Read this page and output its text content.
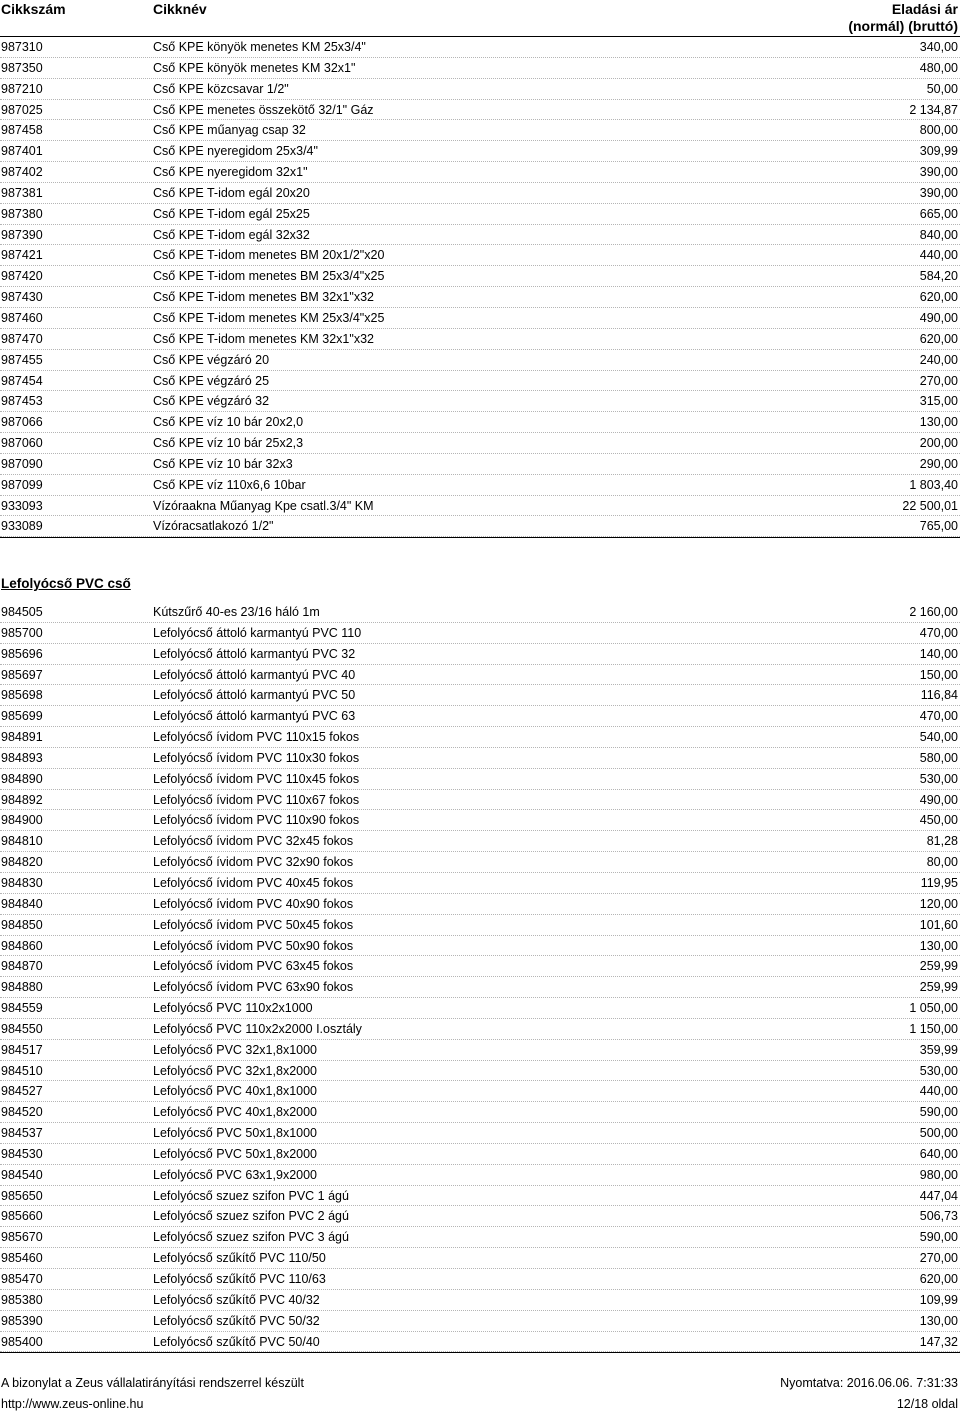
Cikkszám	Cikknév	Eladási ár
(normál) (bruttó)
987310	Cső KPE könyök menetes KM 25x3/4"	340,00
987350	Cső KPE könyök menetes KM 32x1"	480,00
987210	Cső KPE közcsavar 1/2"	50,00
987025	Cső KPE menetes összekötő 32/1" Gáz	2 134,87
987458	Cső KPE műanyag csap 32	800,00
987401	Cső KPE nyeregidom 25x3/4"	309,99
987402	Cső KPE nyeregidom 32x1"	390,00
987381	Cső KPE T-idom egál 20x20	390,00
987380	Cső KPE T-idom egál 25x25	665,00
987390	Cső KPE T-idom egál 32x32	840,00
987421	Cső KPE T-idom menetes BM 20x1/2"x20	440,00
987420	Cső KPE T-idom menetes BM 25x3/4"x25	584,20
987430	Cső KPE T-idom menetes BM 32x1"x32	620,00
987460	Cső KPE T-idom menetes KM 25x3/4"x25	490,00
987470	Cső KPE T-idom menetes KM 32x1"x32	620,00
987455	Cső KPE végzáró 20	240,00
987454	Cső KPE végzáró 25	270,00
987453	Cső KPE végzáró 32	315,00
987066	Cső KPE víz 10 bár 20x2,0	130,00
987060	Cső KPE víz 10 bár 25x2,3	200,00
987090	Cső KPE víz 10 bár 32x3	290,00
987099	Cső KPE víz 110x6,6 10bar	1 803,40
933093	Vízóraakna Műanyag Kpe csatl.3/4" KM	22 500,01
933089	Vízóracsatlakozó 1/2"	765,00
Lefolyócső PVC cső
984505	Kútszűrő 40-es 23/16 háló 1m	2 160,00
985700	Lefolyócső áttoló karmantyú PVC 110	470,00
985696	Lefolyócső áttoló karmantyú PVC 32	140,00
985697	Lefolyócső áttoló karmantyú PVC 40	150,00
985698	Lefolyócső áttoló karmantyú PVC 50	116,84
985699	Lefolyócső áttoló karmantyú PVC 63	470,00
984891	Lefolyócső ívidom PVC 110x15 fokos	540,00
984893	Lefolyócső ívidom PVC 110x30 fokos	580,00
984890	Lefolyócső ívidom PVC 110x45 fokos	530,00
984892	Lefolyócső ívidom PVC 110x67 fokos	490,00
984900	Lefolyócső ívidom PVC 110x90 fokos	450,00
984810	Lefolyócső ívidom PVC 32x45 fokos	81,28
984820	Lefolyócső ívidom PVC 32x90 fokos	80,00
984830	Lefolyócső ívidom PVC 40x45 fokos	119,95
984840	Lefolyócső ívidom PVC 40x90 fokos	120,00
984850	Lefolyócső ívidom PVC 50x45 fokos	101,60
984860	Lefolyócső ívidom PVC 50x90 fokos	130,00
984870	Lefolyócső ívidom PVC 63x45 fokos	259,99
984880	Lefolyócső ívidom PVC 63x90 fokos	259,99
984559	Lefolyócső PVC 110x2x1000	1 050,00
984550	Lefolyócső PVC 110x2x2000 I.osztály	1 150,00
984517	Lefolyócső PVC 32x1,8x1000	359,99
984510	Lefolyócső PVC 32x1,8x2000	530,00
984527	Lefolyócső PVC 40x1,8x1000	440,00
984520	Lefolyócső PVC 40x1,8x2000	590,00
984537	Lefolyócső PVC 50x1,8x1000	500,00
984530	Lefolyócső PVC 50x1,8x2000	640,00
984540	Lefolyócső PVC 63x1,9x2000	980,00
985650	Lefolyócső szuez szifon PVC 1 ágú	447,04
985660	Lefolyócső szuez szifon PVC 2 ágú	506,73
985670	Lefolyócső szuez szifon PVC 3 ágú	590,00
985460	Lefolyócső szűkítő PVC 110/50	270,00
985470	Lefolyócső szűkítő PVC 110/63	620,00
985380	Lefolyócső szűkítő PVC 40/32	109,99
985390	Lefolyócső szűkítő PVC 50/32	130,00
985400	Lefolyócső szűkítő PVC 50/40	147,32
A bizonylat a Zeus vállalatirányítási rendszerrel készült
http://www.zeus-online.hu
Nyomtatva: 2016.06.06. 7:31:33
12/18 oldal
